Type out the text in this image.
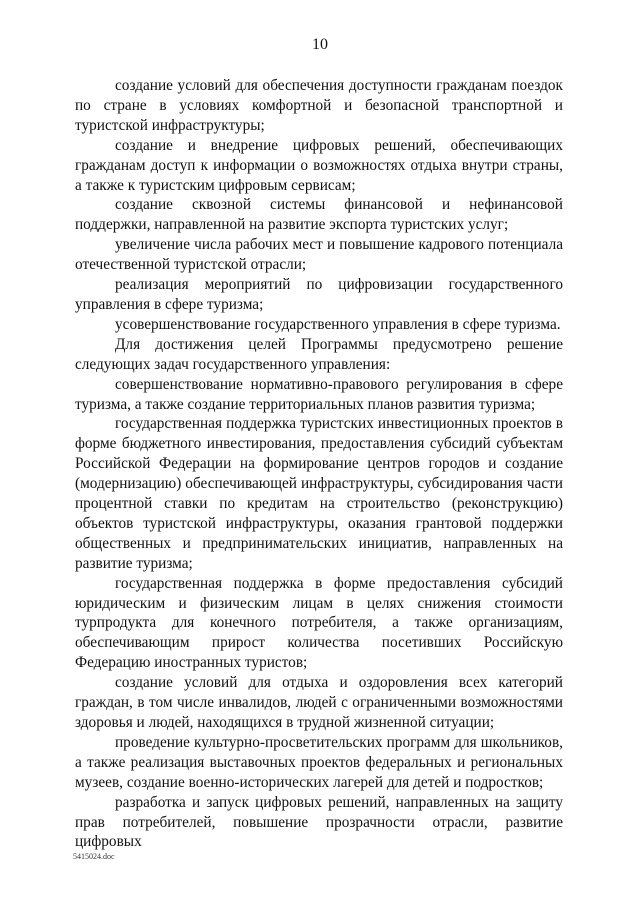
10

создание условий для обеспечения доступности гражданам поездок по стране в условиях комфортной и безопасной транспортной и туристской инфраструктуры;

создание и внедрение цифровых решений, обеспечивающих гражданам доступ к информации о возможностях отдыха внутри страны, а также к туристским цифровым сервисам;

создание сквозной системы финансовой и нефинансовой поддержки, направленной на развитие экспорта туристских услуг;

увеличение числа рабочих мест и повышение кадрового потенциала отечественной туристской отрасли;

реализация мероприятий по цифровизации государственного управления в сфере туризма;

усовершенствование государственного управления в сфере туризма.

Для достижения целей Программы предусмотрено решение следующих задач государственного управления:

совершенствование нормативно-правового регулирования в сфере туризма, а также создание территориальных планов развития туризма;

государственная поддержка туристских инвестиционных проектов в форме бюджетного инвестирования, предоставления субсидий субъектам Российской Федерации на формирование центров городов и создание (модернизацию) обеспечивающей инфраструктуры, субсидирования части процентной ставки по кредитам на строительство (реконструкцию) объектов туристской инфраструктуры, оказания грантовой поддержки общественных и предпринимательских инициатив, направленных на развитие туризма;

государственная поддержка в форме предоставления субсидий юридическим и физическим лицам в целях снижения стоимости турпродукта для конечного потребителя, а также организациям, обеспечивающим прирост количества посетивших Российскую Федерацию иностранных туристов;

создание условий для отдыха и оздоровления всех категорий граждан, в том числе инвалидов, людей с ограниченными возможностями здоровья и людей, находящихся в трудной жизненной ситуации;

проведение культурно-просветительских программ для школьников, а также реализация выставочных проектов федеральных и региональных музеев, создание военно-исторических лагерей для детей и подростков;

разработка и запуск цифровых решений, направленных на защиту прав потребителей, повышение прозрачности отрасли, развитие цифровых

5415024.doc
